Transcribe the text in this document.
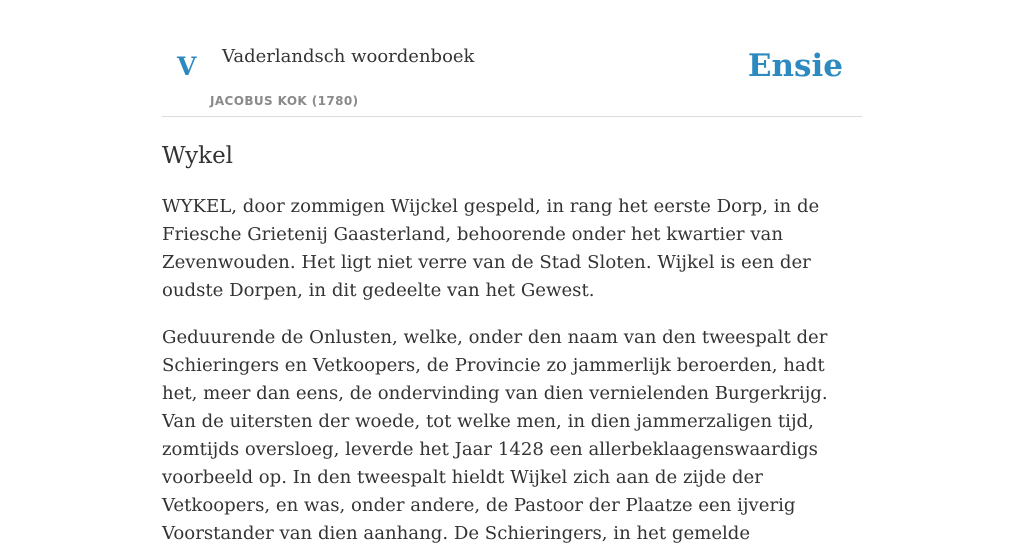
V Vaderlandsch woordenboek
JACOBUS KOK (1780)
Ensie
Wykel

WYKEL, door zommigen Wijckel gespeld, in rang het eerste Dorp, in de Friesche Grietenij Gaasterland, behoorende onder het kwartier van Zevenwouden. Het ligt niet verre van de Stad Sloten. Wijkel is een der oudste Dorpen, in dit gedeelte van het Gewest.

Geduurende de Onlusten, welke, onder den naam van den tweespalt der Schieringers en Vetkoopers, de Provincie zo jammerlijk beroerden, hadt het, meer dan eens, de ondervinding van dien vernielenden Burgerkrijg. Van de uitersten der woede, tot welke men, in dien jammerzaligen tijd, zomtijds oversloeg, leverde het Jaar 1428 een allerbeklaagenswaardigs voorbeeld op. In den tweespalt hieldt Wijkel zich aan de zijde der Vetkoopers, en was, onder andere, de Pastoor der Plaatze een ijverig Voorstander van dien aanhang. De Schieringers, in het gemelde
